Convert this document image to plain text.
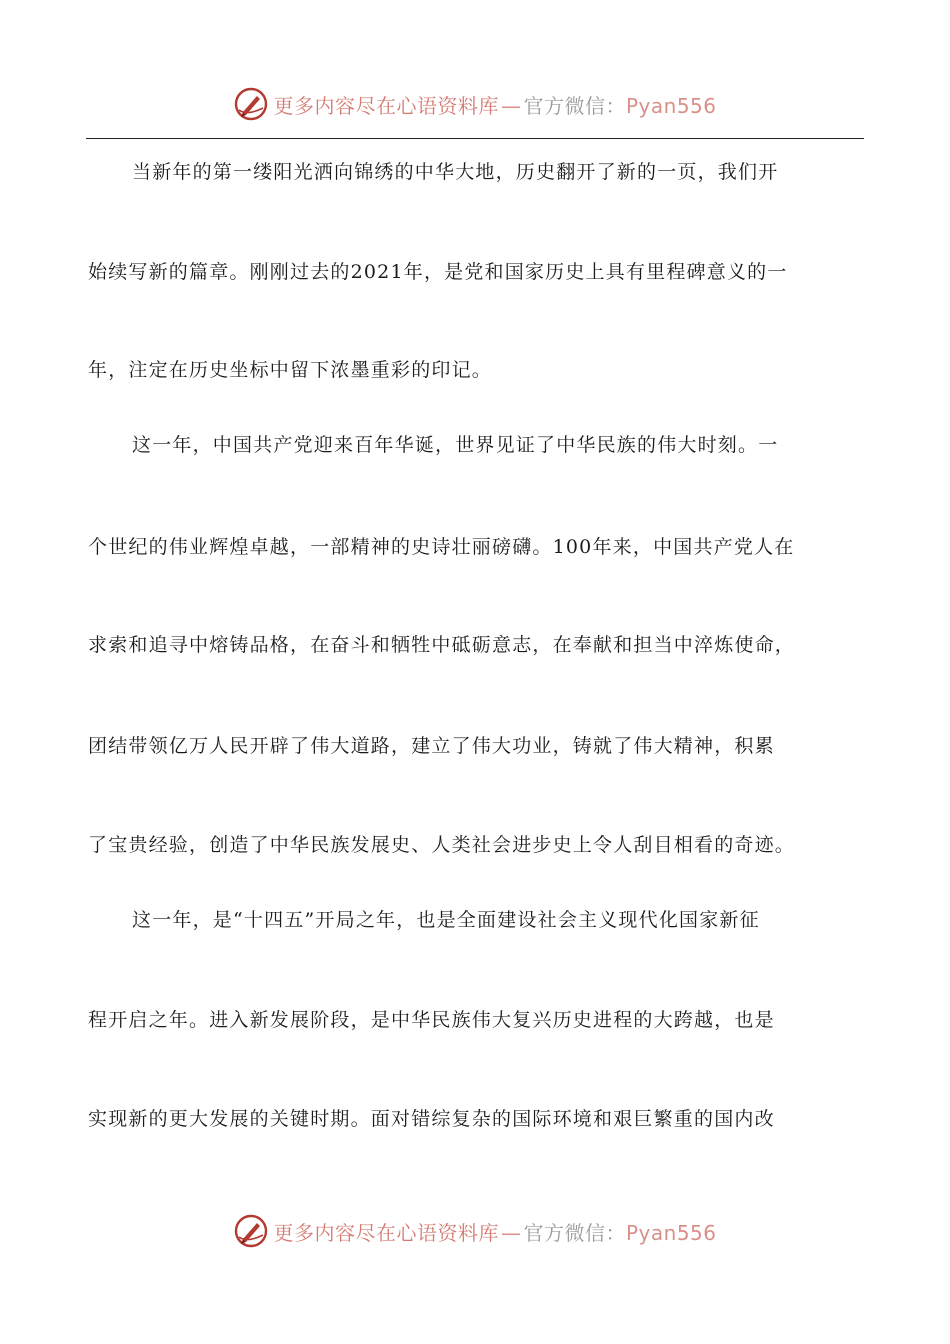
更多内容尽在心语资料库 — 官方微信：Pyan556
当新年的第一缕阳光洒向锦绣的中华大地，历史翻开了新的一页，我们开
始续写新的篇章。刚刚过去的2021年，是党和国家历史上具有里程碑意义的一
年，注定在历史坐标中留下浓墨重彩的印记。
这一年，中国共产党迎来百年华诞，世界见证了中华民族的伟大时刻。一
个世纪的伟业辉煌卓越，一部精神的史诗壮丽磅礴。100年来，中国共产党人在
求索和追寻中熔铸品格，在奋斗和牺牲中砥砺意志，在奉献和担当中淬炼使命，
团结带领亿万人民开辟了伟大道路，建立了伟大功业，铸就了伟大精神，积累
了宝贵经验，创造了中华民族发展史、人类社会进步史上令人刮目相看的奇迹。
这一年，是“十四五”开局之年，也是全面建设社会主义现代化国家新征
程开启之年。进入新发展阶段，是中华民族伟大复兴历史进程的大跨越，也是
实现新的更大发展的关键时期。面对错综复杂的国际环境和艰巨繁重的国内改
更多内容尽在心语资料库 — 官方微信：Pyan556
